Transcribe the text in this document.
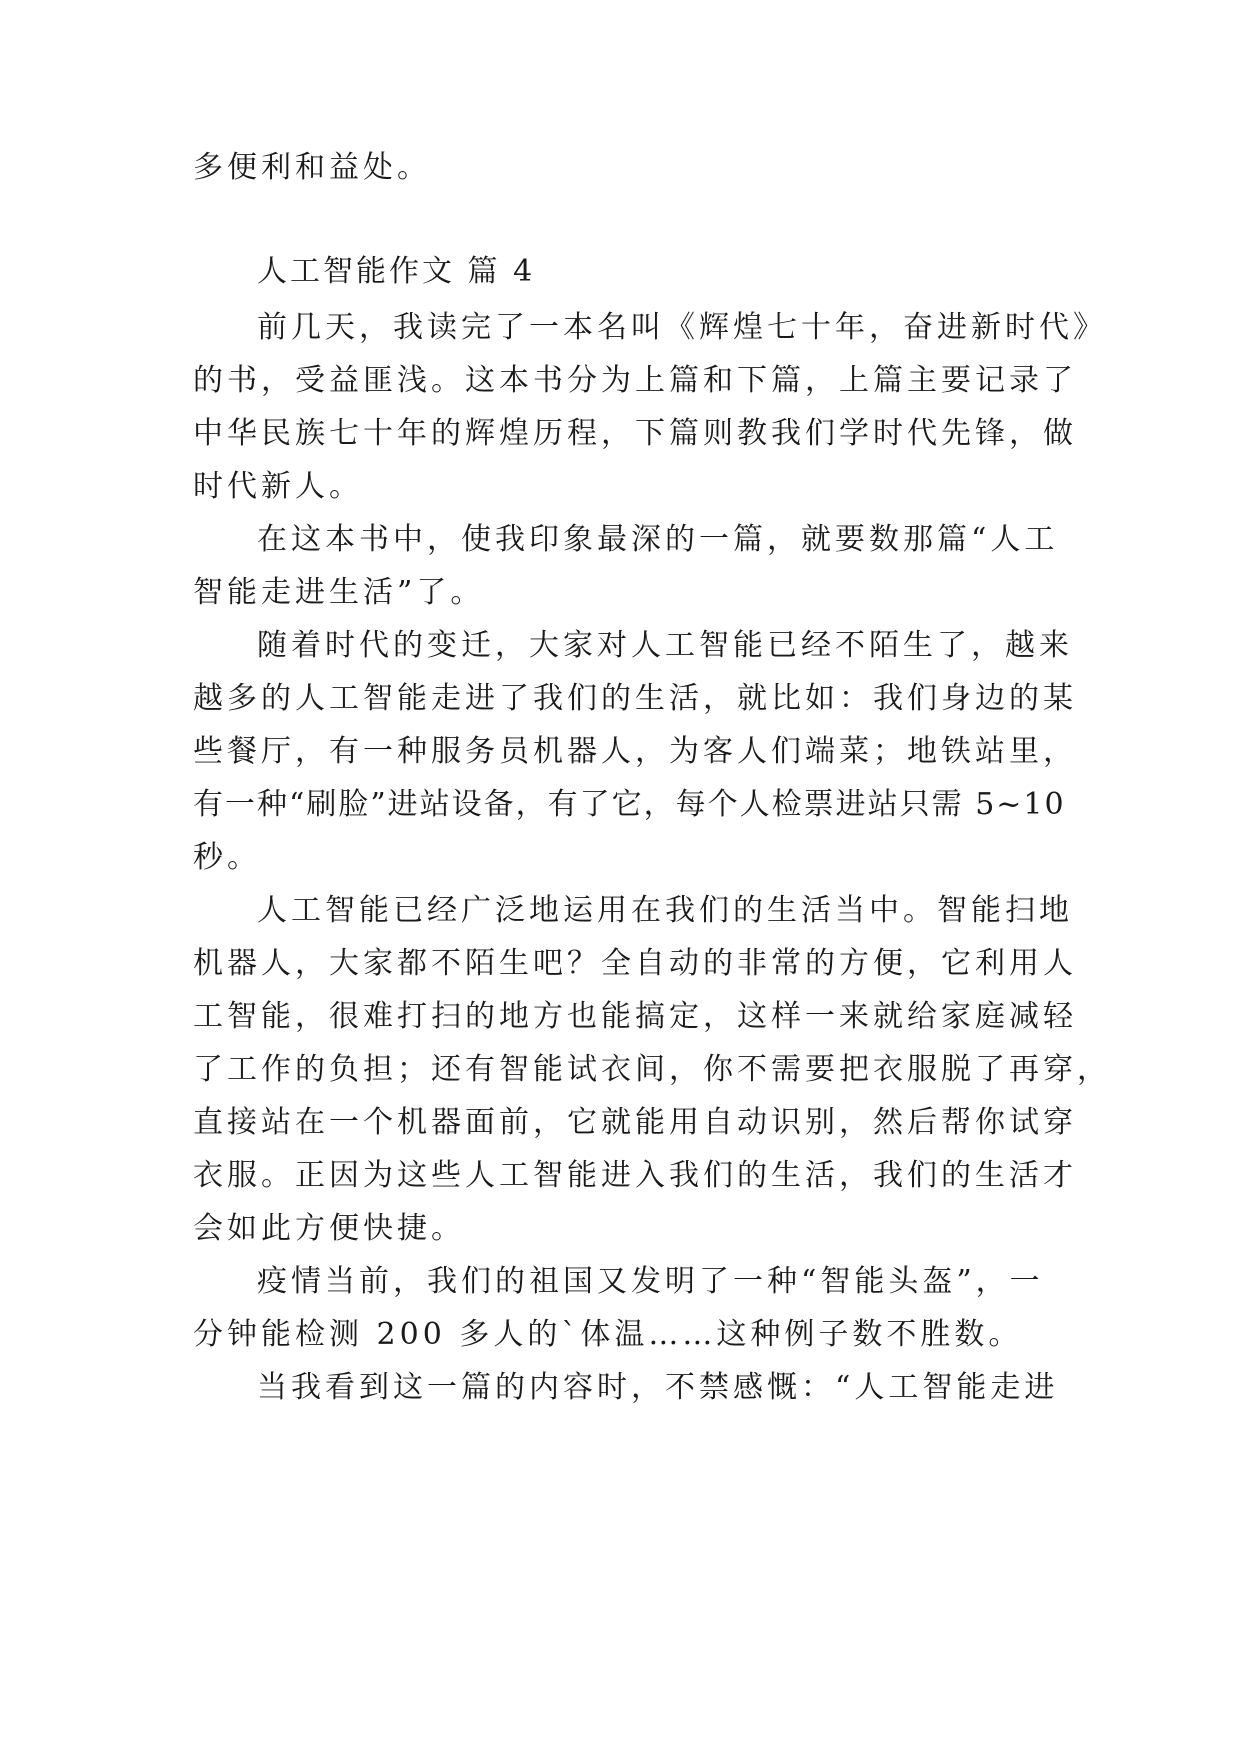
多便利和益处。
人工智能作文 篇 4
前几天，我读完了一本名叫《辉煌七十年，奋进新时代》
的书，受益匪浅。这本书分为上篇和下篇，上篇主要记录了
中华民族七十年的辉煌历程，下篇则教我们学时代先锋，做
时代新人。
在这本书中，使我印象最深的一篇，就要数那篇“人工
智能走进生活”了。
随着时代的变迁，大家对人工智能已经不陌生了，越来
越多的人工智能走进了我们的生活，就比如：我们身边的某
些餐厅，有一种服务员机器人，为客人们端菜；地铁站里，
有一种“刷脸”进站设备，有了它，每个人检票进站只需 5~10
秒。
人工智能已经广泛地运用在我们的生活当中。智能扫地
机器人，大家都不陌生吧？全自动的非常的方便，它利用人
工智能，很难打扫的地方也能搞定，这样一来就给家庭减轻
了工作的负担；还有智能试衣间，你不需要把衣服脱了再穿，
直接站在一个机器面前，它就能用自动识别，然后帮你试穿
衣服。正因为这些人工智能进入我们的生活，我们的生活才
会如此方便快捷。
疫情当前，我们的祖国又发明了一种“智能头盔”，一
分钟能检测 200 多人的`体温……这种例子数不胜数。
当我看到这一篇的内容时，不禁感慨：“人工智能走进
